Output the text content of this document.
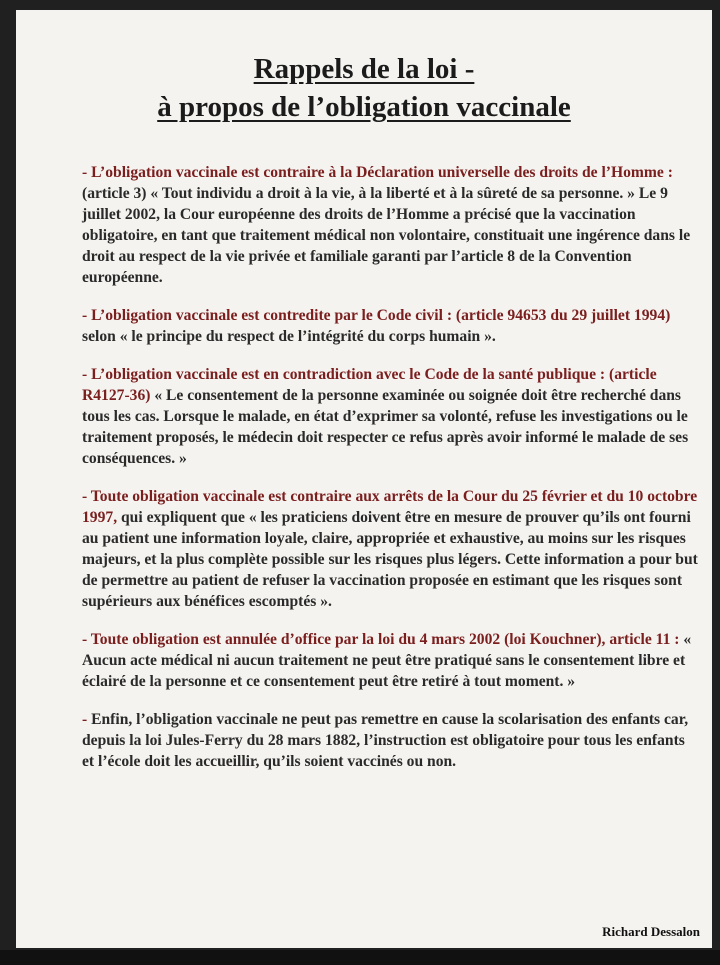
Rappels de la loi -
à propos de l’obligation vaccinale

- L’obligation vaccinale est contraire à la Déclaration universelle des droits de l’Homme : (article 3) « Tout individu a droit à la vie, à la liberté et à la sûreté de sa personne. » Le 9 juillet 2002, la Cour européenne des droits de l’Homme a précisé que la vaccination obligatoire, en tant que traitement médical non volontaire, constituait une ingérence dans le droit au respect de la vie privée et familiale garanti par l’article 8 de la Convention européenne.

- L’obligation vaccinale est contredite par le Code civil : (article 94653 du 29 juillet 1994) selon « le principe du respect de l’intégrité du corps humain ».

- L’obligation vaccinale est en contradiction avec le Code de la santé publique : (article R4127-36) « Le consentement de la personne examinée ou soignée doit être recherché dans tous les cas. Lorsque le malade, en état d’exprimer sa volonté, refuse les investigations ou le traitement proposés, le médecin doit respecter ce refus après avoir informé le malade de ses conséquences. »

- Toute obligation vaccinale est contraire aux arrêts de la Cour du 25 février et du 10 octobre 1997, qui expliquent que « les praticiens doivent être en mesure de prouver qu’ils ont fourni au patient une information loyale, claire, appropriée et exhaustive, au moins sur les risques majeurs, et la plus complète possible sur les risques plus légers. Cette information a pour but de permettre au patient de refuser la vaccination proposée en estimant que les risques sont supérieurs aux bénéfices escomptés ».

- Toute obligation est annulée d’office par la loi du 4 mars 2002 (loi Kouchner), article 11 : « Aucun acte médical ni aucun traitement ne peut être pratiqué sans le consentement libre et éclairé de la personne et ce consentement peut être retiré à tout moment. »

- Enfin, l’obligation vaccinale ne peut pas remettre en cause la scolarisation des enfants car, depuis la loi Jules-Ferry du 28 mars 1882, l’instruction est obligatoire pour tous les enfants et l’école doit les accueillir, qu’ils soient vaccinés ou non.

Richard Dessalon
